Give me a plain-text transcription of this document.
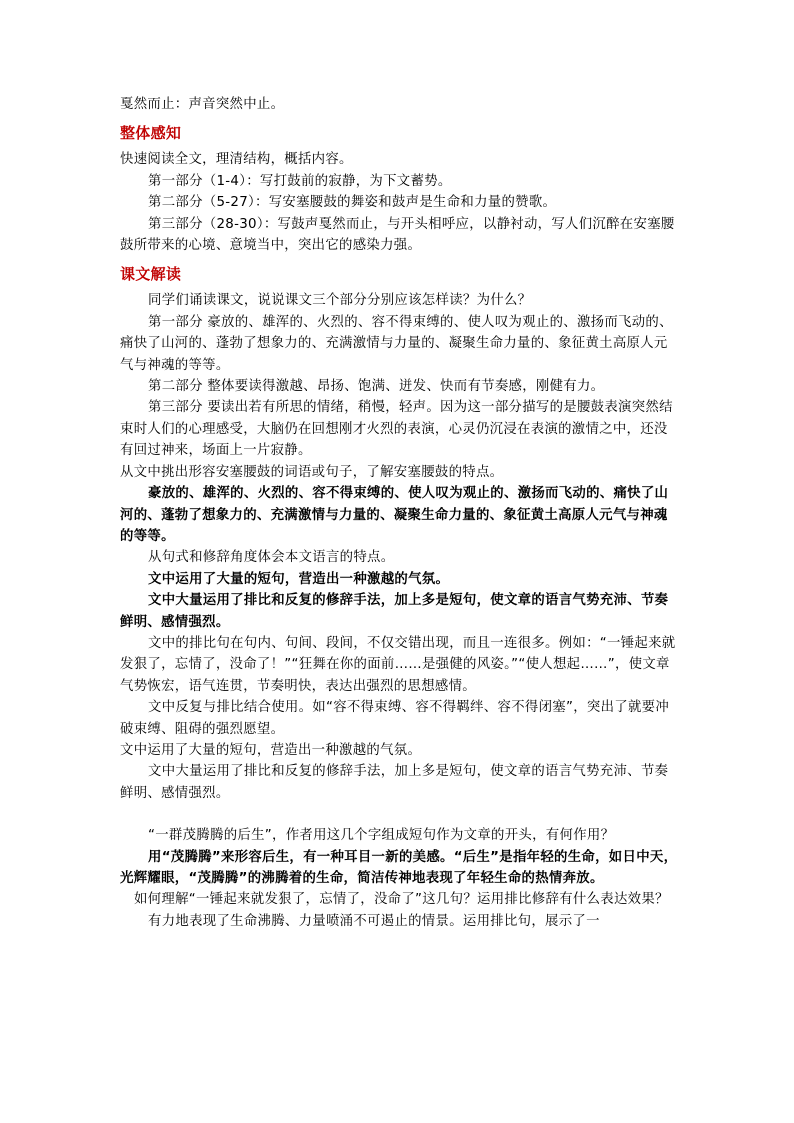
戛然而止：声音突然中止。

整体感知

快速阅读全文，理清结构，概括内容。

第一部分（1-4）：写打鼓前的寂静，为下文蓄势。

第二部分（5-27）：写安塞腰鼓的舞姿和鼓声是生命和力量的赞歌。

第三部分（28-30）：写鼓声戛然而止，与开头相呼应，以静衬动，写人们沉醉在安塞腰鼓所带来的心境、意境当中，突出它的感染力强。

课文解读

同学们诵读课文，说说课文三个部分分别应该怎样读？为什么？

第一部分 豪放的、雄浑的、火烈的、容不得束缚的、使人叹为观止的、激扬而飞动的、痛快了山河的、蓬勃了想象力的、充满激情与力量的、凝聚生命力量的、象征黄土高原人元气与神魂的等等。

第二部分 整体要读得激越、昂扬、饱满、迸发、快而有节奏感，刚健有力。

第三部分 要读出若有所思的情绪，稍慢，轻声。因为这一部分描写的是腰鼓表演突然结束时人们的心理感受，大脑仍在回想刚才火烈的表演，心灵仍沉浸在表演的激情之中，还没有回过神来，场面上一片寂静。

从文中挑出形容安塞腰鼓的词语或句子，了解安塞腰鼓的特点。

豪放的、雄浑的、火烈的、容不得束缚的、使人叹为观止的、激扬而飞动的、痛快了山河的、蓬勃了想象力的、充满激情与力量的、凝聚生命力量的、象征黄土高原人元气与神魂的等等。

从句式和修辞角度体会本文语言的特点。

文中运用了大量的短句，营造出一种激越的气氛。

文中大量运用了排比和反复的修辞手法，加上多是短句，使文章的语言气势充沛、节奏鲜明、感情强烈。

文中的排比句在句内、句间、段间，不仅交错出现，而且一连很多。例如：“一锤起来就发狠了，忘情了，没命了！”“狂舞在你的面前……是强健的风姿。”“使人想起……”，使文章气势恢宏，语气连贯，节奏明快，表达出强烈的思想感情。

文中反复与排比结合使用。如“容不得束缚、容不得羁绊、容不得闭塞”，突出了就要冲破束缚、阻碍的强烈愿望。

文中运用了大量的短句，营造出一种激越的气氛。

文中大量运用了排比和反复的修辞手法，加上多是短句，使文章的语言气势充沛、节奏鲜明、感情强烈。

“一群茂腾腾的后生”，作者用这几个字组成短句作为文章的开头，有何作用？

用“茂腾腾”来形容后生，有一种耳目一新的美感。“后生”是指年轻的生命，如日中天，光辉耀眼，“茂腾腾”的沸腾着的生命，简洁传神地表现了年轻生命的热情奔放。

如何理解“一锤起来就发狠了，忘情了，没命了”这几句？运用排比修辞有什么表达效果？

有力地表现了生命沸腾、力量喷涌不可遏止的情景。运用排比句，展示了一
